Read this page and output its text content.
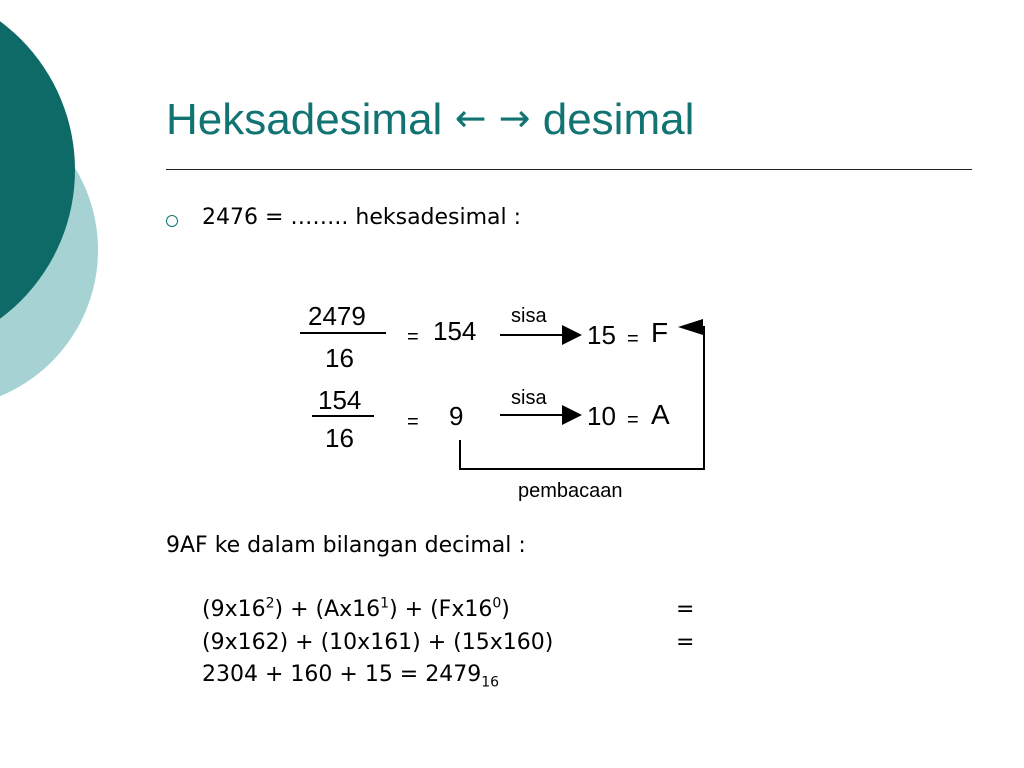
Heksadesimal ← → desimal
2476 = …….. heksadesimal :
2479
16
= 154 sisa
15 = F
154
16
= 9
sisa
10 = A
pembacaan
9AF ke dalam bilangan decimal :
$(9x16^2) + (Ax16^1) + (Fx16^0)$	=
(9x162) + (10x161) + (15x160)	=
$2304 + 160 + 15 = 2479_{16}$
